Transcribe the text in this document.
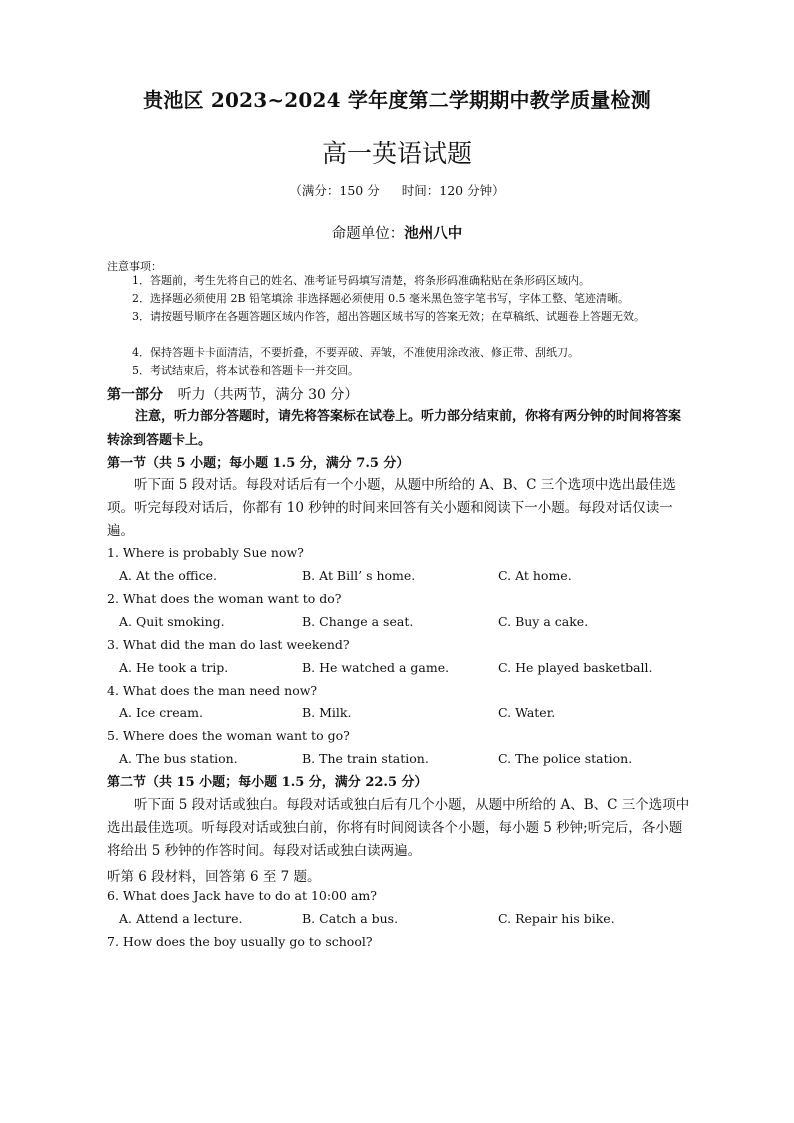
贵池区 2023~2024 学年度第二学期期中教学质量检测
高一英语试题
（满分：150 分 时间：120 分钟）
命题单位：池州八中
注意事项：
1．答题前，考生先将自己的姓名、准考证号码填写清楚，将条形码准确粘贴在条形码区域内。
2．选择题必须使用 2B 铅笔填涂 非选择题必须使用 0.5 毫米黑色签字笔书写，字体工整、笔迹清晰。
3．请按题号顺序在各题答题区域内作答，超出答题区域书写的答案无效；在草稿纸、试题卷上答题无效。
4．保持答题卡卡面清洁，不要折叠，不要弄破、弄皱，不准使用涂改液、修正带、刮纸刀。
5．考试结束后，将本试卷和答题卡一并交回。
第一部分 听力（共两节，满分 30 分）
注意，听力部分答题时，请先将答案标在试卷上。听力部分结束前，你将有两分钟的时间将答案转涂到答题卡上。
第一节（共 5 小题；每小题 1.5 分，满分 7.5 分）
听下面 5 段对话。每段对话后有一个小题，从题中所给的 A、B、C 三个选项中选出最佳选项。听完每段对话后，你都有 10 秒钟的时间来回答有关小题和阅读下一小题。每段对话仅读一遍。
1. Where is probably Sue now?
A. At the office.	B. At Bill’ s home.	C. At home.
2. What does the woman want to do?
A. Quit smoking.	B. Change a seat.	C. Buy a cake.
3. What did the man do last weekend?
A. He took a trip.	B. He watched a game.	C. He played basketball.
4. What does the man need now?
A. Ice cream.	B. Milk.	C. Water.
5. Where does the woman want to go?
A. The bus station.	B. The train station.	C. The police station.
第二节（共 15 小题；每小题 1.5 分，满分 22.5 分）
听下面 5 段对话或独白。每段对话或独白后有几个小题，从题中所给的 A、B、C 三个选项中选出最佳选项。听每段对话或独白前，你将有时间阅读各个小题，每小题 5 秒钟;听完后，各小题将给出 5 秒钟的作答时间。每段对话或独白读两遍。
听第 6 段材料，回答第 6 至 7 题。
6. What does Jack have to do at 10:00 am?
A. Attend a lecture.	B. Catch a bus.	C. Repair his bike.
7. How does the boy usually go to school?
